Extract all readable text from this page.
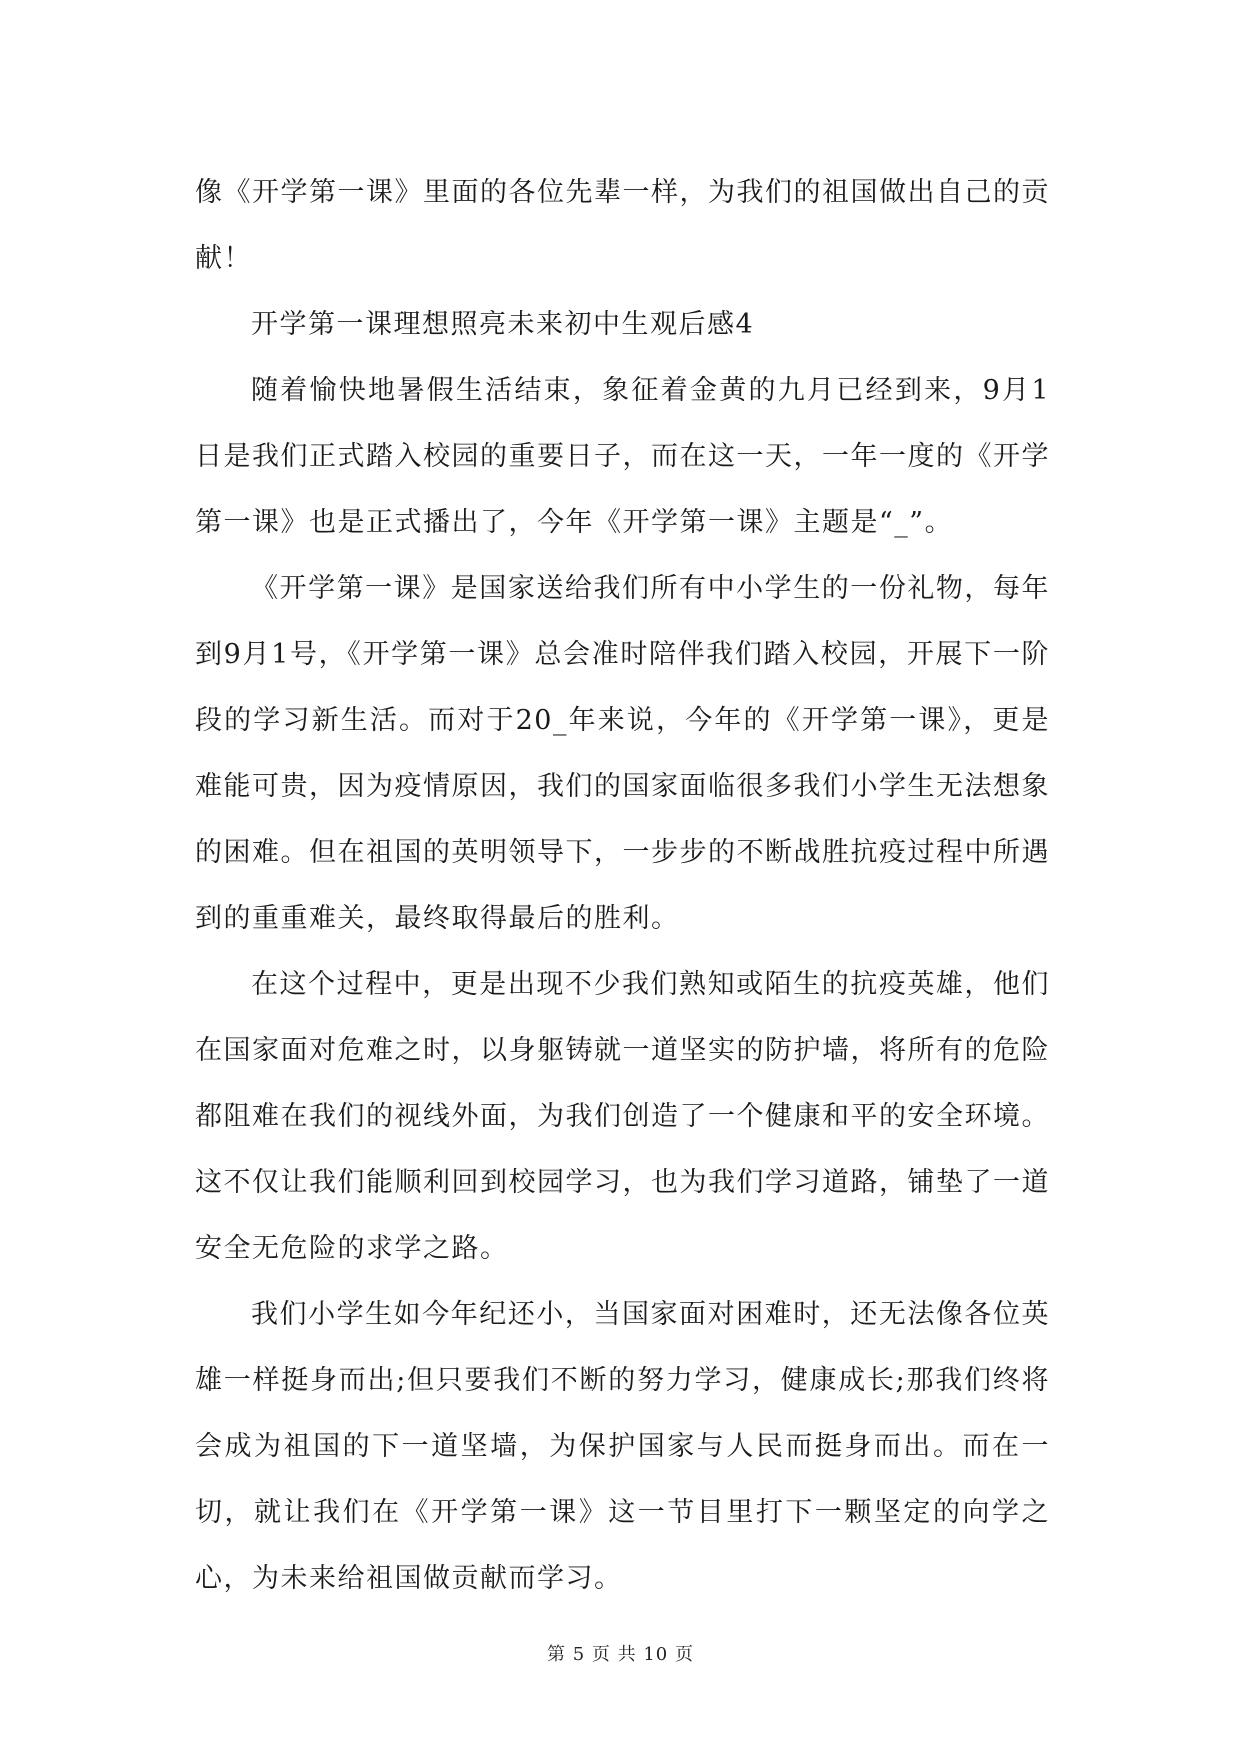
像《开学第一课》里面的各位先辈一样，为我们的祖国做出自己的贡献！

开学第一课理想照亮未来初中生观后感4

随着愉快地暑假生活结束，象征着金黄的九月已经到来，9月1日是我们正式踏入校园的重要日子，而在这一天，一年一度的《开学第一课》也是正式播出了，今年《开学第一课》主题是“_”。

《开学第一课》是国家送给我们所有中小学生的一份礼物，每年到9月1号，《开学第一课》总会准时陪伴我们踏入校园，开展下一阶段的学习新生活。而对于20_年来说，今年的《开学第一课》，更是难能可贵，因为疫情原因，我们的国家面临很多我们小学生无法想象的困难。但在祖国的英明领导下，一步步的不断战胜抗疫过程中所遇到的重重难关，最终取得最后的胜利。

在这个过程中，更是出现不少我们熟知或陌生的抗疫英雄，他们在国家面对危难之时，以身躯铸就一道坚实的防护墙，将所有的危险都阻难在我们的视线外面，为我们创造了一个健康和平的安全环境。这不仅让我们能顺利回到校园学习，也为我们学习道路，铺垫了一道安全无危险的求学之路。

我们小学生如今年纪还小，当国家面对困难时，还无法像各位英雄一样挺身而出;但只要我们不断的努力学习，健康成长;那我们终将会成为祖国的下一道坚墙，为保护国家与人民而挺身而出。而在一切，就让我们在《开学第一课》这一节目里打下一颗坚定的向学之心，为未来给祖国做贡献而学习。

第 5 页 共 10 页
